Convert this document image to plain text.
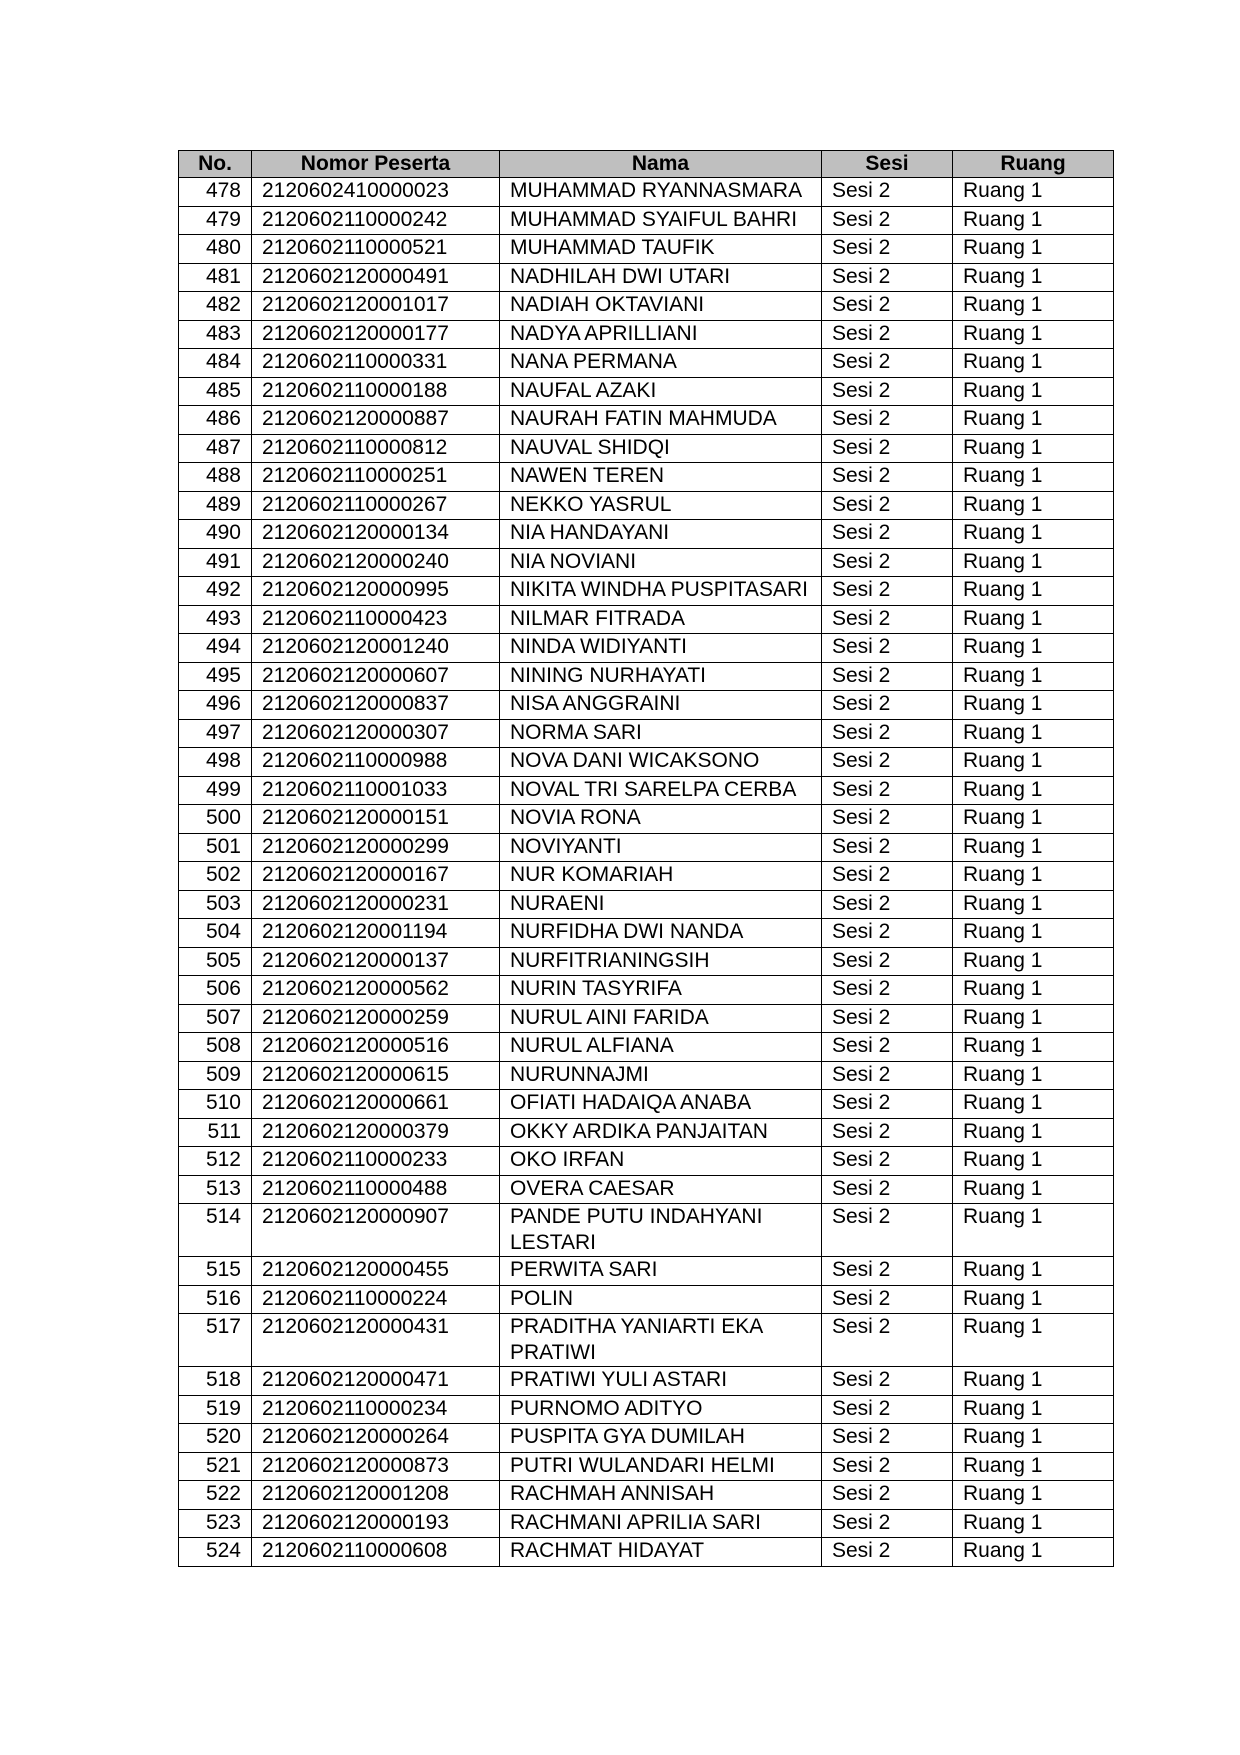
No.	Nomor Peserta	Nama	Sesi	Ruang
478	2120602410000023	MUHAMMAD RYANNASMARA	Sesi 2	Ruang 1
479	2120602110000242	MUHAMMAD SYAIFUL BAHRI	Sesi 2	Ruang 1
480	2120602110000521	MUHAMMAD TAUFIK	Sesi 2	Ruang 1
481	2120602120000491	NADHILAH DWI UTARI	Sesi 2	Ruang 1
482	2120602120001017	NADIAH OKTAVIANI	Sesi 2	Ruang 1
483	2120602120000177	NADYA APRILLIANI	Sesi 2	Ruang 1
484	2120602110000331	NANA PERMANA	Sesi 2	Ruang 1
485	2120602110000188	NAUFAL AZAKI	Sesi 2	Ruang 1
486	2120602120000887	NAURAH FATIN MAHMUDA	Sesi 2	Ruang 1
487	2120602110000812	NAUVAL SHIDQI	Sesi 2	Ruang 1
488	2120602110000251	NAWEN TEREN	Sesi 2	Ruang 1
489	2120602110000267	NEKKO YASRUL	Sesi 2	Ruang 1
490	2120602120000134	NIA HANDAYANI	Sesi 2	Ruang 1
491	2120602120000240	NIA NOVIANI	Sesi 2	Ruang 1
492	2120602120000995	NIKITA WINDHA PUSPITASARI	Sesi 2	Ruang 1
493	2120602110000423	NILMAR FITRADA	Sesi 2	Ruang 1
494	2120602120001240	NINDA WIDIYANTI	Sesi 2	Ruang 1
495	2120602120000607	NINING NURHAYATI	Sesi 2	Ruang 1
496	2120602120000837	NISA ANGGRAINI	Sesi 2	Ruang 1
497	2120602120000307	NORMA SARI	Sesi 2	Ruang 1
498	2120602110000988	NOVA DANI WICAKSONO	Sesi 2	Ruang 1
499	2120602110001033	NOVAL TRI SARELPA CERBA	Sesi 2	Ruang 1
500	2120602120000151	NOVIA RONA	Sesi 2	Ruang 1
501	2120602120000299	NOVIYANTI	Sesi 2	Ruang 1
502	2120602120000167	NUR KOMARIAH	Sesi 2	Ruang 1
503	2120602120000231	NURAENI	Sesi 2	Ruang 1
504	2120602120001194	NURFIDHA DWI NANDA	Sesi 2	Ruang 1
505	2120602120000137	NURFITRIANINGSIH	Sesi 2	Ruang 1
506	2120602120000562	NURIN TASYRIFA	Sesi 2	Ruang 1
507	2120602120000259	NURUL AINI FARIDA	Sesi 2	Ruang 1
508	2120602120000516	NURUL ALFIANA	Sesi 2	Ruang 1
509	2120602120000615	NURUNNAJMI	Sesi 2	Ruang 1
510	2120602120000661	OFIATI HADAIQA ANABA	Sesi 2	Ruang 1
511	2120602120000379	OKKY ARDIKA PANJAITAN	Sesi 2	Ruang 1
512	2120602110000233	OKO IRFAN	Sesi 2	Ruang 1
513	2120602110000488	OVERA CAESAR	Sesi 2	Ruang 1
514	2120602120000907	PANDE PUTU INDAHYANI LESTARI	Sesi 2	Ruang 1
515	2120602120000455	PERWITA SARI	Sesi 2	Ruang 1
516	2120602110000224	POLIN	Sesi 2	Ruang 1
517	2120602120000431	PRADITHA YANIARTI EKA PRATIWI	Sesi 2	Ruang 1
518	2120602120000471	PRATIWI YULI ASTARI	Sesi 2	Ruang 1
519	2120602110000234	PURNOMO ADITYO	Sesi 2	Ruang 1
520	2120602120000264	PUSPITA GYA DUMILAH	Sesi 2	Ruang 1
521	2120602120000873	PUTRI WULANDARI HELMI	Sesi 2	Ruang 1
522	2120602120001208	RACHMAH ANNISAH	Sesi 2	Ruang 1
523	2120602120000193	RACHMANI APRILIA SARI	Sesi 2	Ruang 1
524	2120602110000608	RACHMAT HIDAYAT	Sesi 2	Ruang 1
